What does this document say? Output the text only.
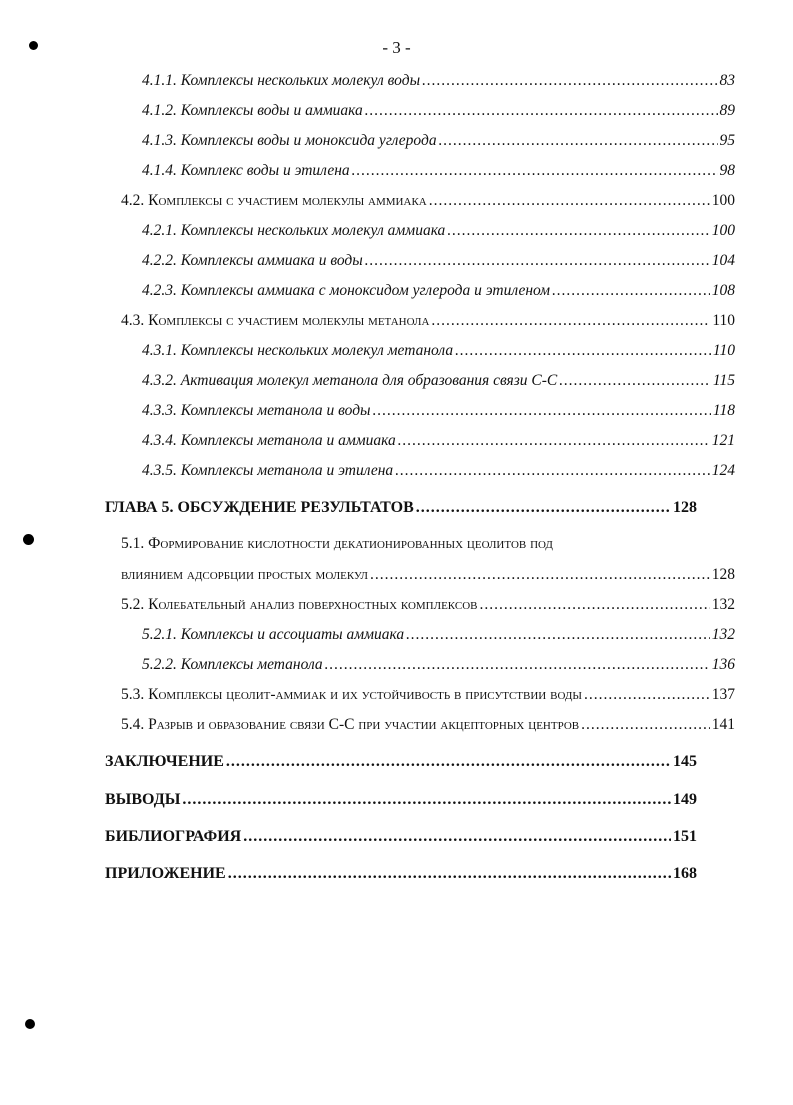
- 3 -
4.1.1. Комплексы нескольких молекул воды .....	83
4.1.2. Комплексы воды и аммиака .....	89
4.1.3. Комплексы воды и моноксида углерода .....	95
4.1.4. Комплекс воды и этилена .....	98
4.2. Комплексы с участием молекулы аммиака .....	100
4.2.1. Комплексы нескольких молекул аммиака .....	100
4.2.2. Комплексы аммиака и воды .....	104
4.2.3. Комплексы аммиака с моноксидом углерода и этиленом .....	108
4.3. Комплексы с участием молекулы метанола .....	110
4.3.1. Комплексы нескольких молекул метанола .....	110
4.3.2. Активация молекул метанола для образования связи С-С .....	115
4.3.3. Комплексы метанола и воды .....	118
4.3.4. Комплексы метанола и аммиака .....	121
4.3.5. Комплексы метанола и этилена .....	124
ГЛАВА 5. ОБСУЖДЕНИЕ РЕЗУЛЬТАТОВ .....	128
5.1. Формирование кислотности декатионированных цеолитов под
влиянием адсорбции простых молекул .....	128
5.2. Колебательный анализ поверхностных комплексов .....	132
5.2.1. Комплексы и ассоциаты аммиака .....	132
5.2.2. Комплексы метанола .....	136
5.3. Комплексы цеолит-аммиак и их устойчивость в присутствии воды .....	137
5.4. Разрыв и образование связи С-С при участии акцепторных центров .....	141
ЗАКЛЮЧЕНИЕ .....	145
ВЫВОДЫ .....	149
БИБЛИОГРАФИЯ .....	151
ПРИЛОЖЕНИЕ .....	168
